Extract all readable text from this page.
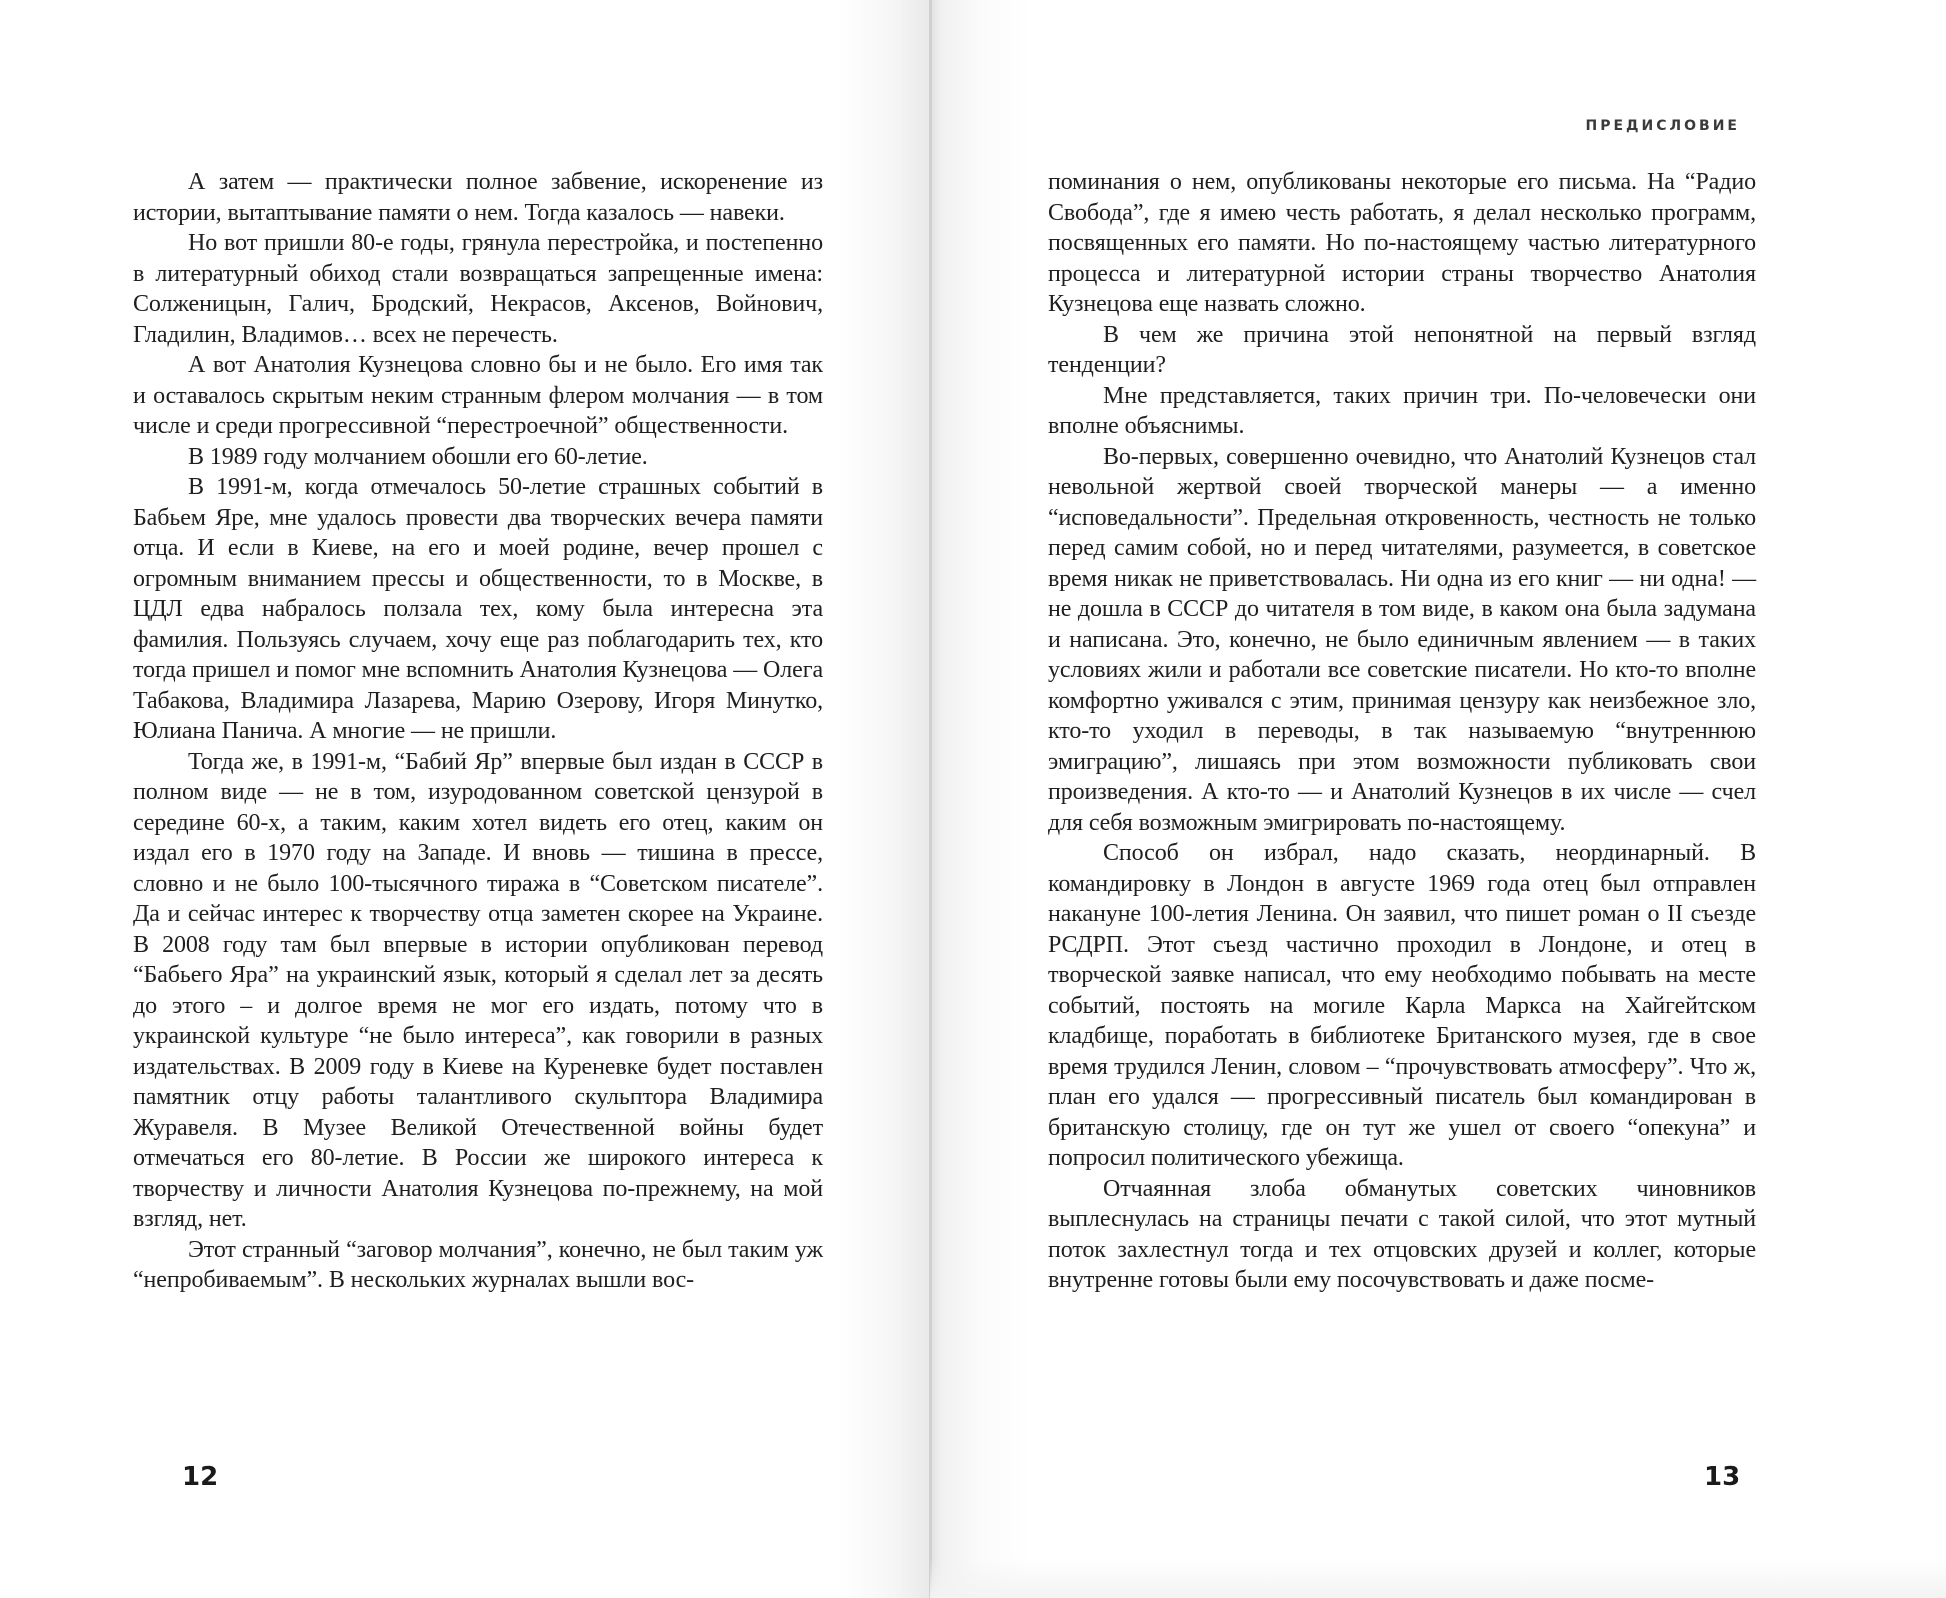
А затем — практически полное забвение, искоренение из истории, вытаптывание памяти о нем. Тогда казалось — навеки.

Но вот пришли 80-е годы, грянула перестройка, и постепенно в литературный обиход стали возвращаться запрещенные имена: Солженицын, Галич, Бродский, Некрасов, Аксенов, Войнович, Гладилин, Владимов… всех не перечесть.

А вот Анатолия Кузнецова словно бы и не было. Его имя так и оставалось скрытым неким странным флером молчания — в том числе и среди прогрессивной “перестроечной” общественности.

В 1989 году молчанием обошли его 60-летие.

В 1991-м, когда отмечалось 50-летие страшных событий в Бабьем Яре, мне удалось провести два творческих вечера памяти отца. И если в Киеве, на его и моей родине, вечер прошел с огромным вниманием прессы и общественности, то в Москве, в ЦДЛ едва набралось ползала тех, кому была интересна эта фамилия. Пользуясь случаем, хочу еще раз поблагодарить тех, кто тогда пришел и помог мне вспомнить Анатолия Кузнецова — Олега Табакова, Владимира Лазарева, Марию Озерову, Игоря Минутко, Юлиана Панича. А многие — не пришли.

Тогда же, в 1991-м, “Бабий Яр” впервые был издан в СССР в полном виде — не в том, изуродованном советской цензурой в середине 60-х, а таким, каким хотел видеть его отец, каким он издал его в 1970 году на Западе. И вновь — тишина в прессе, словно и не было 100-тысячного тиража в “Советском писателе”. Да и сейчас интерес к творчеству отца заметен скорее на Украине. В 2008 году там был впервые в истории опубликован перевод “Бабьего Яра” на украинский язык, который я сделал лет за десять до этого – и долгое время не мог его издать, потому что в украинской культуре “не было интереса”, как говорили в разных издательствах. В 2009 году в Киеве на Куреневке будет поставлен памятник отцу работы талантливого скульптора Владимира Журавеля. В Музее Великой Отечественной войны будет отмечаться его 80-летие. В России же широкого интереса к творчеству и личности Анатолия Кузнецова по-прежнему, на мой взгляд, нет.

Этот странный “заговор молчания”, конечно, не был таким уж “непробиваемым”. В нескольких журналах вышли вос-

12
ПРЕДИСЛОВИЕ

поминания о нем, опубликованы некоторые его письма. На “Радио Свобода”, где я имею честь работать, я делал несколько программ, посвященных его памяти. Но по-настоящему частью литературного процесса и литературной истории страны творчество Анатолия Кузнецова еще назвать сложно.

В чем же причина этой непонятной на первый взгляд тенденции?

Мне представляется, таких причин три. По-человечески они вполне объяснимы.

Во-первых, совершенно очевидно, что Анатолий Кузнецов стал невольной жертвой своей творческой манеры — а именно “исповедальности”. Предельная откровенность, честность не только перед самим собой, но и перед читателями, разумеется, в советское время никак не приветствовалась. Ни одна из его книг — ни одна! — не дошла в СССР до читателя в том виде, в каком она была задумана и написана. Это, конечно, не было единичным явлением — в таких условиях жили и работали все советские писатели. Но кто-то вполне комфортно уживался с этим, принимая цензуру как неизбежное зло, кто-то уходил в переводы, в так называемую “внутреннюю эмиграцию”, лишаясь при этом возможности публиковать свои произведения. А кто-то — и Анатолий Кузнецов в их числе — счел для себя возможным эмигрировать по-настоящему.

Способ он избрал, надо сказать, неординарный. В командировку в Лондон в августе 1969 года отец был отправлен накануне 100-летия Ленина. Он заявил, что пишет роман о II съезде РСДРП. Этот съезд частично проходил в Лондоне, и отец в творческой заявке написал, что ему необходимо побывать на месте событий, постоять на могиле Карла Маркса на Хайгейтском кладбище, поработать в библиотеке Британского музея, где в свое время трудился Ленин, словом – “прочувствовать атмосферу”. Что ж, план его удался — прогрессивный писатель был командирован в британскую столицу, где он тут же ушел от своего “опекуна” и попросил политического убежища.

Отчаянная злоба обманутых советских чиновников выплеснулась на страницы печати с такой силой, что этот мутный поток захлестнул тогда и тех отцовских друзей и коллег, которые внутренне готовы были ему посочувствовать и даже посме-

13
